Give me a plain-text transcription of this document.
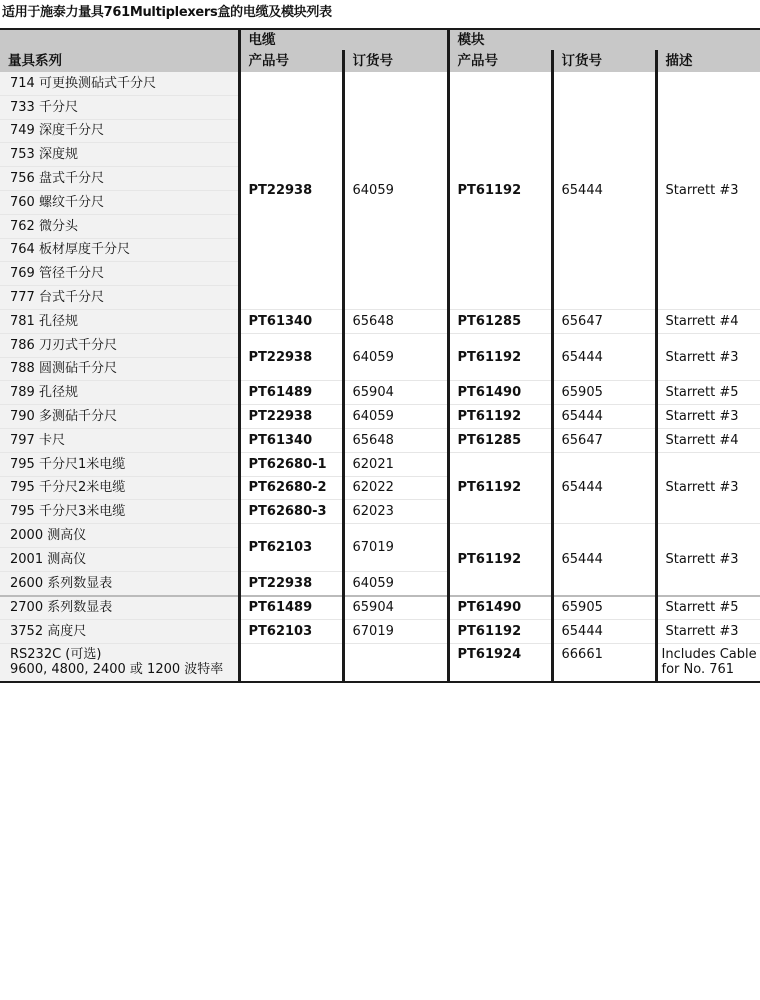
适用于施泰力量具761Multiplexers盒的电缆及模块列表
	电缆		模块		
量具系列	产品号	订货号	产品号	订货号	描述
714 可更换测砧式千分尺	PT22938	64059	PT61192	65444	Starrett #3
733 千分尺					
749 深度千分尺					
753 深度规					
756 盘式千分尺					
760 螺纹千分尺					
762 微分头					
764 板材厚度千分尺					
769 管径千分尺					
777 台式千分尺					
781 孔径规	PT61340	65648	PT61285	65647	Starrett #4
786 刀刃式千分尺	PT22938	64059	PT61192	65444	Starrett #3
788 圆测砧千分尺					
789 孔径规	PT61489	65904	PT61490	65905	Starrett #5
790 多测砧千分尺	PT22938	64059	PT61192	65444	Starrett #3
797 卡尺	PT61340	65648	PT61285	65647	Starrett #4
795 千分尺1米电缆	PT62680-1	62021	PT61192	65444	Starrett #3
795 千分尺2米电缆	PT62680-2	62022			
795 千分尺3米电缆	PT62680-3	62023			
2000 测高仪	PT62103	67019	PT61192	65444	Starrett #3
2001 测高仪					
2600 系列数显表	PT22938	64059			
2700 系列数显表	PT61489	65904	PT61490	65905	Starrett #5
3752 高度尺	PT62103	67019	PT61192	65444	Starrett #3

RS232C (可选)
9600, 4800, 2400 或 1200 波特率			PT61924	66661	Includes Cable for No. 761
